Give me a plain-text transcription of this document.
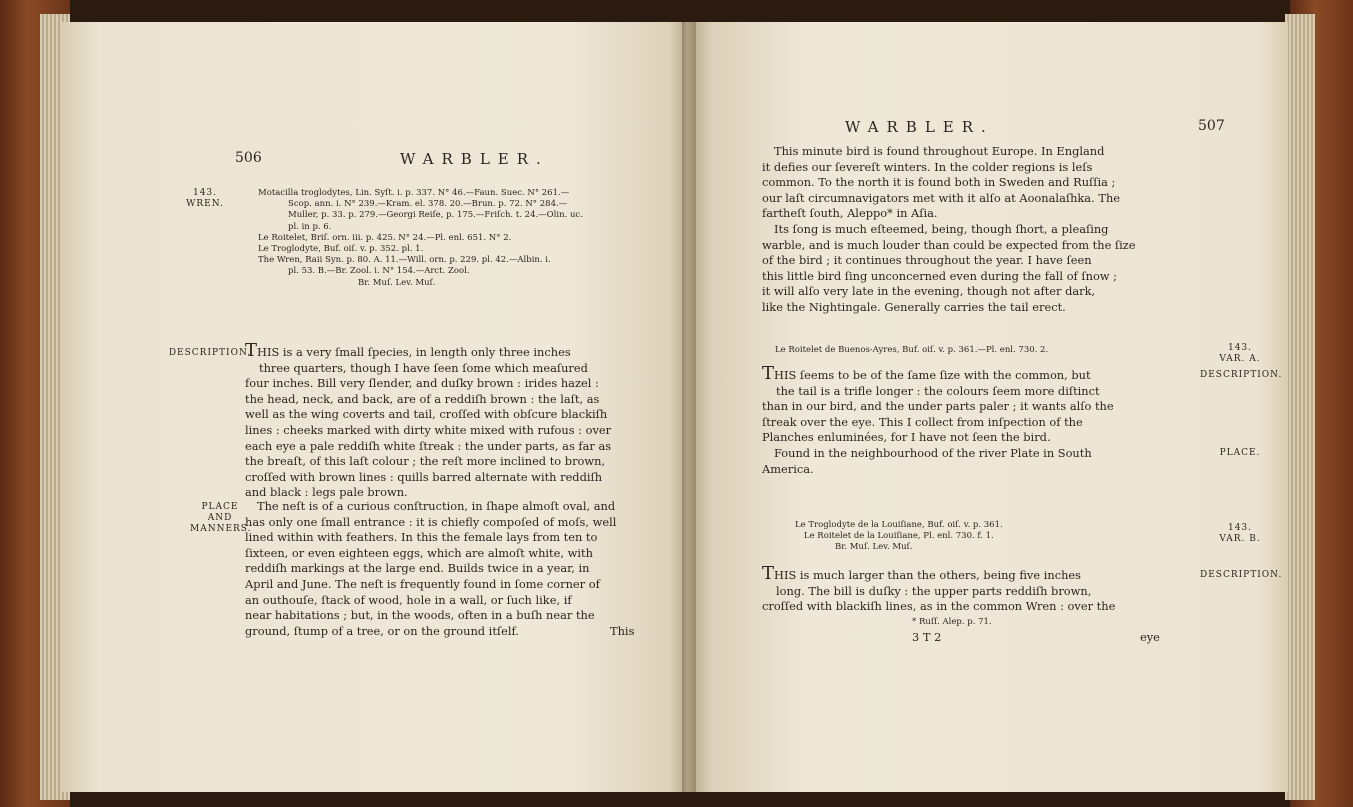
506	WARBLER.
143.
WREN.
Motacilla troglodytes, Lin. Syſt. i. p. 337. N° 46.—Faun. Suec. N° 261.—
Scop. ann. i. N° 239.—Kram. el. 378. 20.—Brun. p. 72. N° 284.—
Muller, p. 33. p. 279.—Georgi Reiſe, p. 175.—Friſch. t. 24.—Olin. uc.
pl. in p. 6.
Le Roitelet, Briſ. orn. iii. p. 425. N° 24.—Pl. enl. 651. N° 2.
Le Troglodyte, Buf. oiſ. v. p. 352. pl. 1.
The Wren, Raii Syn. p. 80. A. 11.—Will. orn. p. 229. pl. 42.—Albin. i.
pl. 53. B.—Br. Zool. i. N° 154.—Arct. Zool.
Br. Muſ. Lev. Muſ.
DESCRIPTION.

THIS is a very ſmall ſpecies, in length only three inches

three quarters, though I have ſeen ſome which meaſured

four inches. Bill very ſlender, and duſky brown : irides hazel :

the head, neck, and back, are of a reddiſh brown : the laſt, as

well as the wing coverts and tail, croſſed with obſcure blackiſh

lines : cheeks marked with dirty white mixed with rufous : over

each eye a pale reddiſh white ſtreak : the under parts, as far as

the breaſt, of this laſt colour ; the reſt more inclined to brown,

croſſed with brown lines : quills barred alternate with reddiſh

and black : legs pale brown.

PLACE AND MANNERS.

The neſt is of a curious conſtruction, in ſhape almoſt oval, and

has only one ſmall entrance : it is chiefly compoſed of moſs, well

lined within with feathers. In this the female lays from ten to

ſixteen, or even eighteen eggs, which are almoſt white, with

reddiſh markings at the large end. Builds twice in a year, in

April and June. The neſt is frequently found in ſome corner of

an outhouſe, ſtack of wood, hole in a wall, or ſuch like, if

near habitations ; but, in the woods, often in a buſh near the

ground, ſtump of a tree, or on the ground itſelf.	This
WARBLER.	507

This minute bird is found throughout Europe. In England

it defies our ſevereſt winters. In the colder regions is leſs

common. To the north it is found both in Sweden and Ruſſia ;

our laſt circumnavigators met with it alſo at Aoonalaſhka. The

fartheſt ſouth, Aleppo* in Aſia.

Its ſong is much eſteemed, being, though ſhort, a pleaſing

warble, and is much louder than could be expected from the ſize

of the bird ; it continues throughout the year. I have ſeen

this little bird ſing unconcerned even during the fall of ſnow ;

it will alſo very late in the evening, though not after dark,

like the Nightingale. Generally carries the tail erect.

Le Roitelet de Buenos-Ayres, Buf. oiſ. v. p. 361.—Pl. enl. 730. 2.	143.
VAR. A.
DESCRIPTION.

THIS ſeems to be of the ſame ſize with the common, but

the tail is a trifle longer : the colours ſeem more diſtinct

than in our bird, and the under parts paler ; it wants alſo the

ſtreak over the eye. This I collect from inſpection of the

Planches enluminées, for I have not ſeen the bird.

Found in the neighbourhood of the river Plate in South

America.

PLACE.
Le Troglodyte de la Louiſiane, Buf. oiſ. v. p. 361.
Le Roitelet de la Louiſiane, Pl. enl. 730. f. 1.
Br. Muſ. Lev. Muſ.
143.
VAR. B.
DESCRIPTION.

THIS is much larger than the others, being five inches

long. The bill is duſky : the upper parts reddiſh brown,

croſſed with blackiſh lines, as in the common Wren : over the

* Ruſſ. Alep. p. 71.
3 T 2	eye
